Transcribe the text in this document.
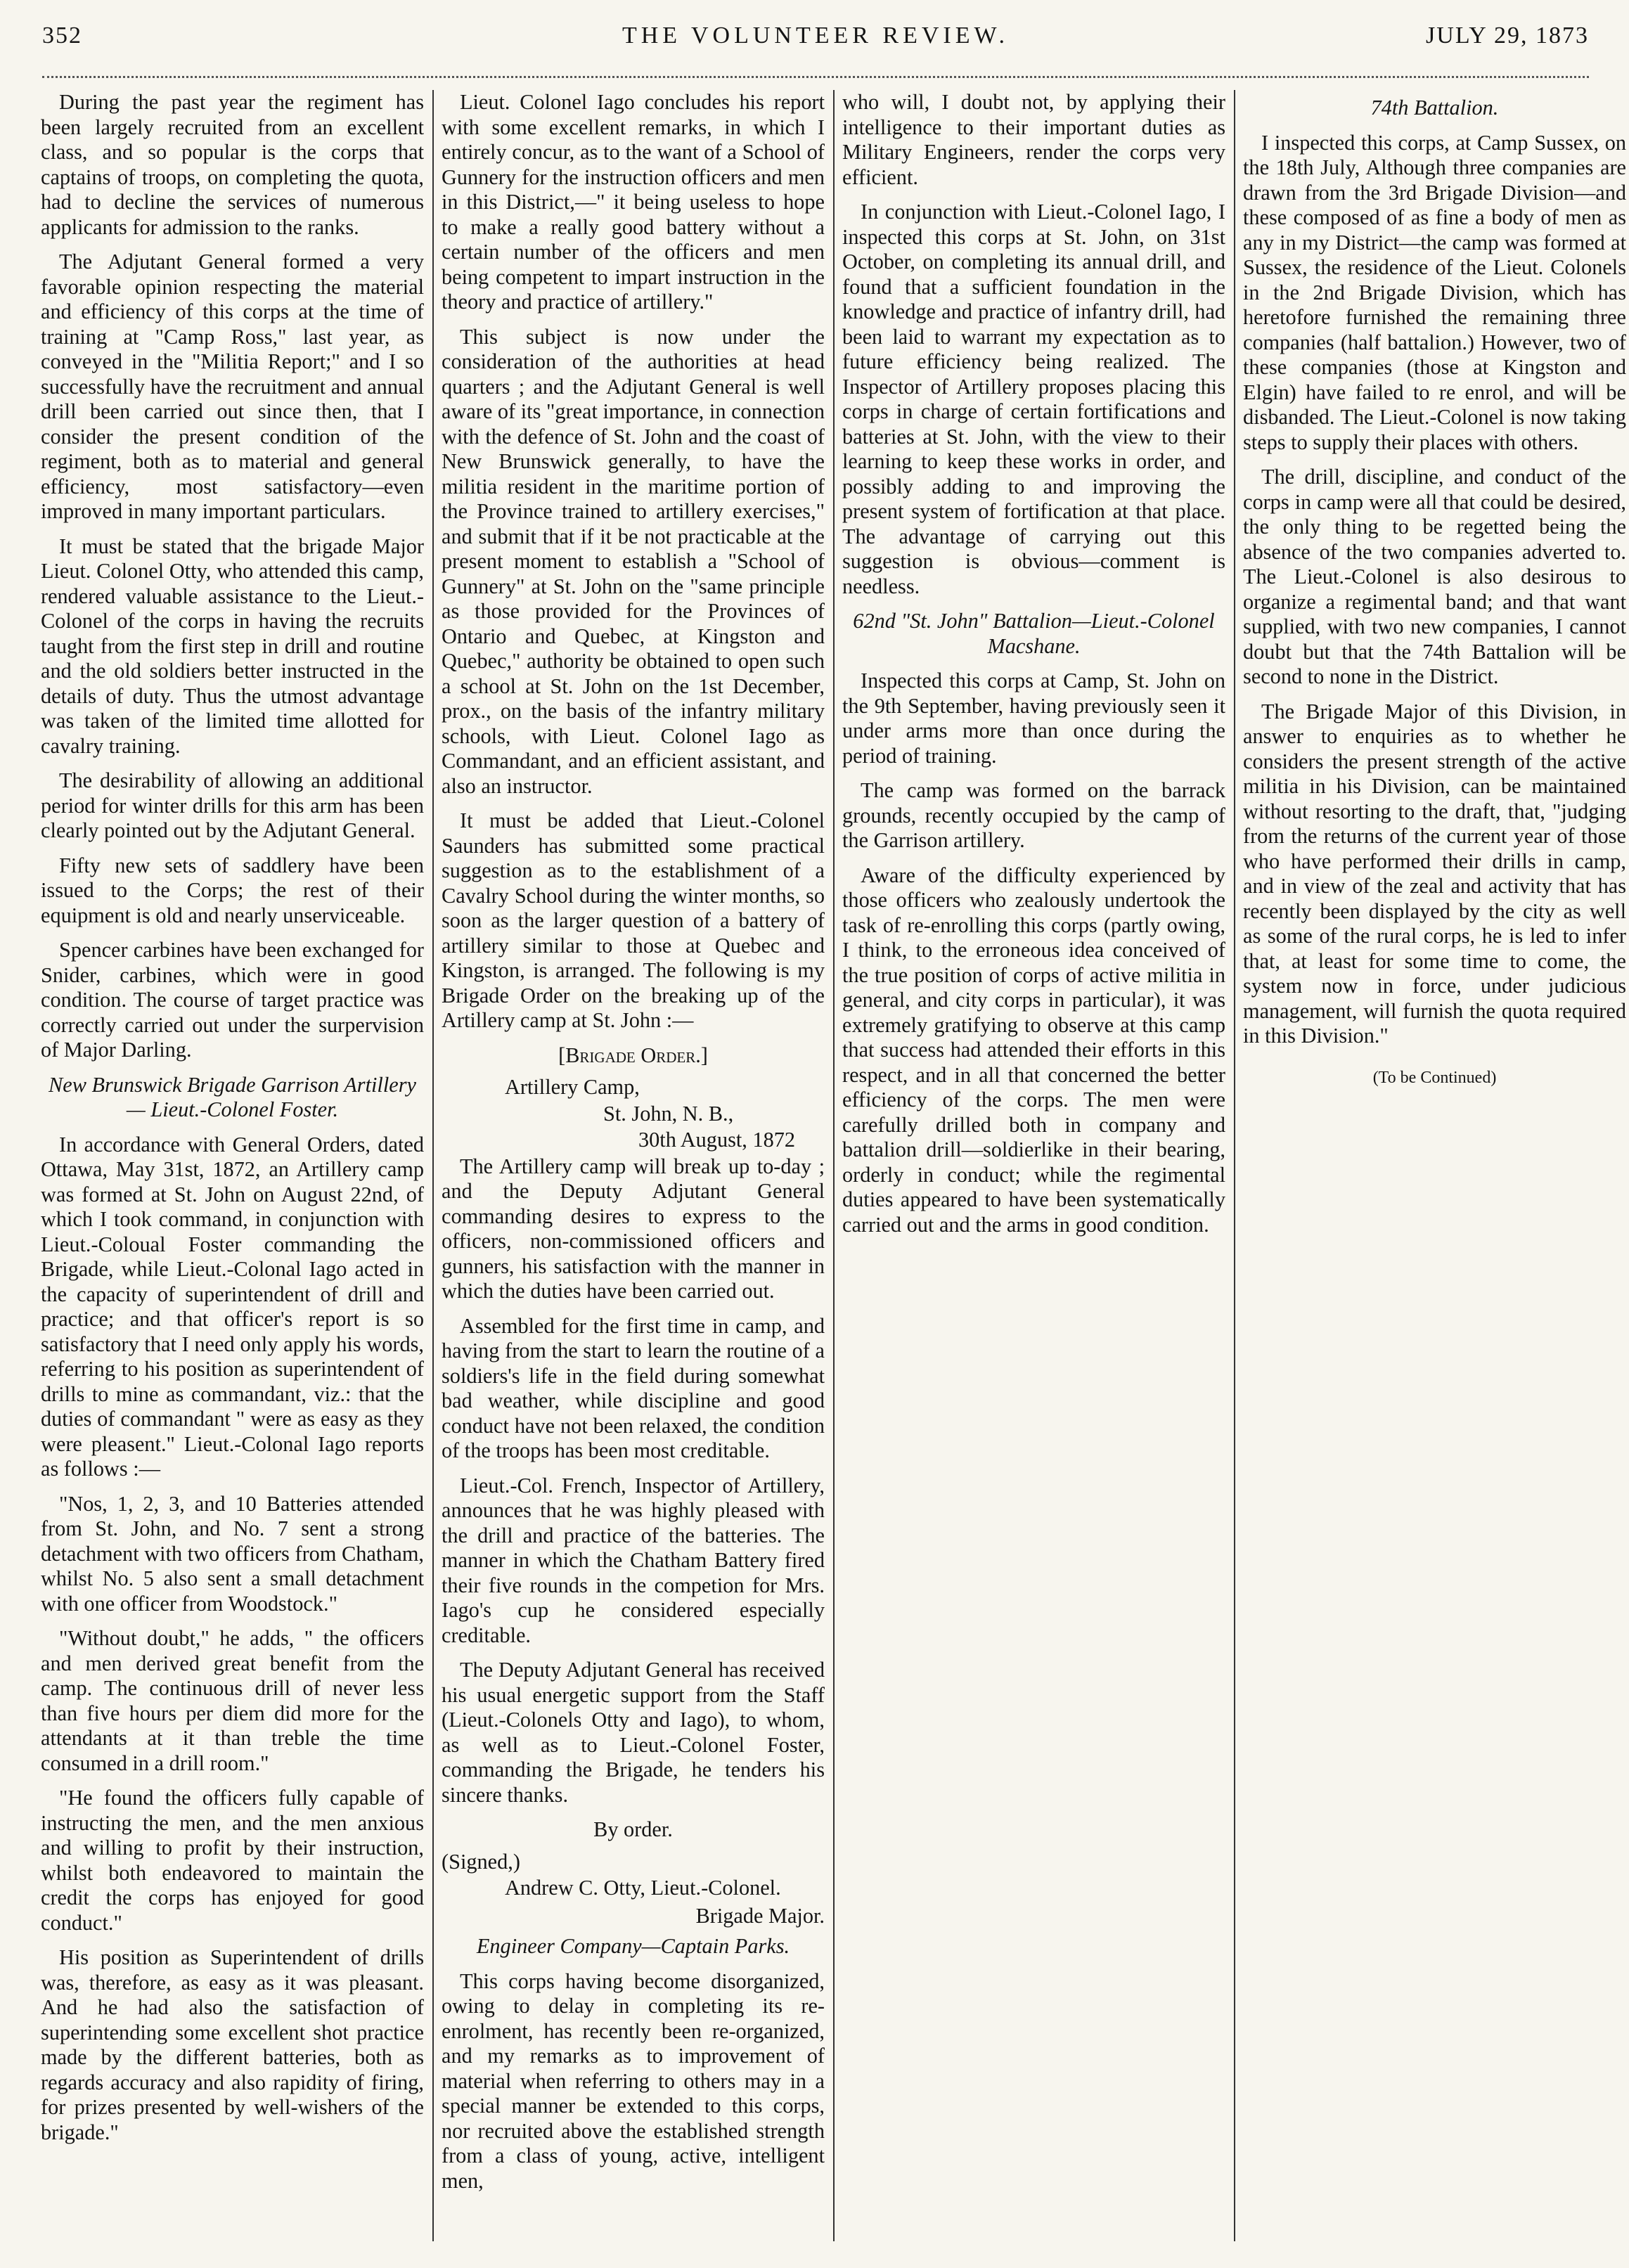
352	THE VOLUNTEER REVIEW.	JULY 29, 1873

During the past year the regiment has been largely recruited from an excellent class, and so popular is the corps that captains of troops, on completing the quota, had to decline the services of numerous applicants for admission to the ranks.

The Adjutant General formed a very favorable opinion respecting the material and efficiency of this corps at the time of training at "Camp Ross," last year, as conveyed in the "Militia Report;" and I so successfully have the recruitment and annual drill been carried out since then, that I consider the present condition of the regiment, both as to material and general efficiency, most satisfactory—even improved in many important particulars.

It must be stated that the brigade Major Lieut. Colonel Otty, who attended this camp, rendered valuable assistance to the Lieut.-Colonel of the corps in having the recruits taught from the first step in drill and routine and the old soldiers better instructed in the details of duty. Thus the utmost advantage was taken of the limited time allotted for cavalry training.

The desirability of allowing an additional period for winter drills for this arm has been clearly pointed out by the Adjutant General.

Fifty new sets of saddlery have been issued to the Corps; the rest of their equipment is old and nearly unserviceable.

Spencer carbines have been exchanged for Snider, carbines, which were in good condition. The course of target practice was correctly carried out under the surpervision of Major Darling.

New Brunswick Brigade Garrison Artillery— Lieut.-Colonel Foster.

In accordance with General Orders, dated Ottawa, May 31st, 1872, an Artillery camp was formed at St. John on August 22nd, of which I took command, in conjunction with Lieut.-Coloual Foster commanding the Brigade, while Lieut.-Colonal Iago acted in the capacity of superintendent of drill and practice; and that officer's report is so satisfactory that I need only apply his words, referring to his position as superintendent of drills to mine as commandant, viz.: that the duties of commandant " were as easy as they were pleasent." Lieut.-Colonal Iago reports as follows :—

"Nos, 1, 2, 3, and 10 Batteries attended from St. John, and No. 7 sent a strong detachment with two officers from Chatham, whilst No. 5 also sent a small detachment with one officer from Woodstock."

"Without doubt," he adds, " the officers and men derived great benefit from the camp. The continuous drill of never less than five hours per diem did more for the attendants at it than treble the time consumed in a drill room."

"He found the officers fully capable of instructing the men, and the men anxious and willing to profit by their instruction, whilst both endeavored to maintain the credit the corps has enjoyed for good conduct."

His position as Superintendent of drills was, therefore, as easy as it was pleasant. And he had also the satisfaction of superintending some excellent shot practice made by the different batteries, both as regards accuracy and also rapidity of firing, for prizes presented by well-wishers of the brigade."

Lieut. Colonel Iago concludes his report with some excellent remarks, in which I entirely concur, as to the want of a School of Gunnery for the instruction officers and men in this District,—" it being useless to hope to make a really good battery without a certain number of the officers and men being competent to impart instruction in the theory and practice of artillery."

This subject is now under the consideration of the authorities at head quarters ; and the Adjutant General is well aware of its "great importance, in connection with the defence of St. John and the coast of New Brunswick generally, to have the militia resident in the maritime portion of the Province trained to artillery exercises," and submit that if it be not practicable at the present moment to establish a "School of Gunnery" at St. John on the "same principle as those provided for the Provinces of Ontario and Quebec, at Kingston and Quebec," authority be obtained to open such a school at St. John on the 1st December, prox., on the basis of the infantry military schools, with Lieut. Colonel Iago as Commandant, and an efficient assistant, and also an instructor.

It must be added that Lieut.-Colonel Saunders has submitted some practical suggestion as to the establishment of a Cavalry School during the winter months, so soon as the larger question of a battery of artillery similar to those at Quebec and Kingston, is arranged. The following is my Brigade Order on the breaking up of the Artillery camp at St. John :—

[Brigade Order.]

Artillery Camp,

St. John, N. B.,

30th August, 1872

The Artillery camp will break up to-day ; and the Deputy Adjutant General commanding desires to express to the officers, non-commissioned officers and gunners, his satisfaction with the manner in which the duties have been carried out.

Assembled for the first time in camp, and having from the start to learn the routine of a soldiers's life in the field during somewhat bad weather, while discipline and good conduct have not been relaxed, the condition of the troops has been most creditable.

Lieut.-Col. French, Inspector of Artillery, announces that he was highly pleased with the drill and practice of the batteries. The manner in which the Chatham Battery fired their five rounds in the competion for Mrs. Iago's cup he considered especially creditable.

The Deputy Adjutant General has received his usual energetic support from the Staff (Lieut.-Colonels Otty and Iago), to whom, as well as to Lieut.-Colonel Foster, commanding the Brigade, he tenders his sincere thanks.

By order.

(Signed,)

Andrew C. Otty, Lieut.-Colonel.

Brigade Major.

Engineer Company—Captain Parks.

This corps having become disorganized, owing to delay in completing its re-enrolment, has recently been re-organized, and my remarks as to improvement of material when referring to others may in a special manner be extended to this corps, nor recruited above the established strength from a class of young, active, intelligent men,

who will, I doubt not, by applying their intelligence to their important duties as Military Engineers, render the corps very efficient.

In conjunction with Lieut.-Colonel Iago, I inspected this corps at St. John, on 31st October, on completing its annual drill, and found that a sufficient foundation in the knowledge and practice of infantry drill, had been laid to warrant my expectation as to future efficiency being realized. The Inspector of Artillery proposes placing this corps in charge of certain fortifications and batteries at St. John, with the view to their learning to keep these works in order, and possibly adding to and improving the present system of fortification at that place. The advantage of carrying out this suggestion is obvious—comment is needless.

62nd "St. John" Battalion—Lieut.-Colonel Macshane.

Inspected this corps at Camp, St. John on the 9th September, having previously seen it under arms more than once during the period of training.

The camp was formed on the barrack grounds, recently occupied by the camp of the Garrison artillery.

Aware of the difficulty experienced by those officers who zealously undertook the task of re-enrolling this corps (partly owing, I think, to the erroneous idea conceived of the true position of corps of active militia in general, and city corps in particular), it was extremely gratifying to observe at this camp that success had attended their efforts in this respect, and in all that concerned the better efficiency of the corps. The men were carefully drilled both in company and battalion drill—soldierlike in their bearing, orderly in conduct; while the regimental duties appeared to have been systematically carried out and the arms in good condition.

74th Battalion.

I inspected this corps, at Camp Sussex, on the 18th July, Although three companies are drawn from the 3rd Brigade Division—and these composed of as fine a body of men as any in my District—the camp was formed at Sussex, the residence of the Lieut. Colonels in the 2nd Brigade Division, which has heretofore furnished the remaining three companies (half battalion.) However, two of these companies (those at Kingston and Elgin) have failed to re enrol, and will be disbanded. The Lieut.-Colonel is now taking steps to supply their places with others.

The drill, discipline, and conduct of the corps in camp were all that could be desired, the only thing to be regetted being the absence of the two companies adverted to. The Lieut.-Colonel is also desirous to organize a regimental band; and that want supplied, with two new companies, I cannot doubt but that the 74th Battalion will be second to none in the District.

The Brigade Major of this Division, in answer to enquiries as to whether he considers the present strength of the active militia in his Division, can be maintained without resorting to the draft, that, "judging from the returns of the current year of those who have performed their drills in camp, and in view of the zeal and activity that has recently been displayed by the city as well as some of the rural corps, he is led to infer that, at least for some time to come, the system now in force, under judicious management, will furnish the quota required in this Division."

(To be Continued)
